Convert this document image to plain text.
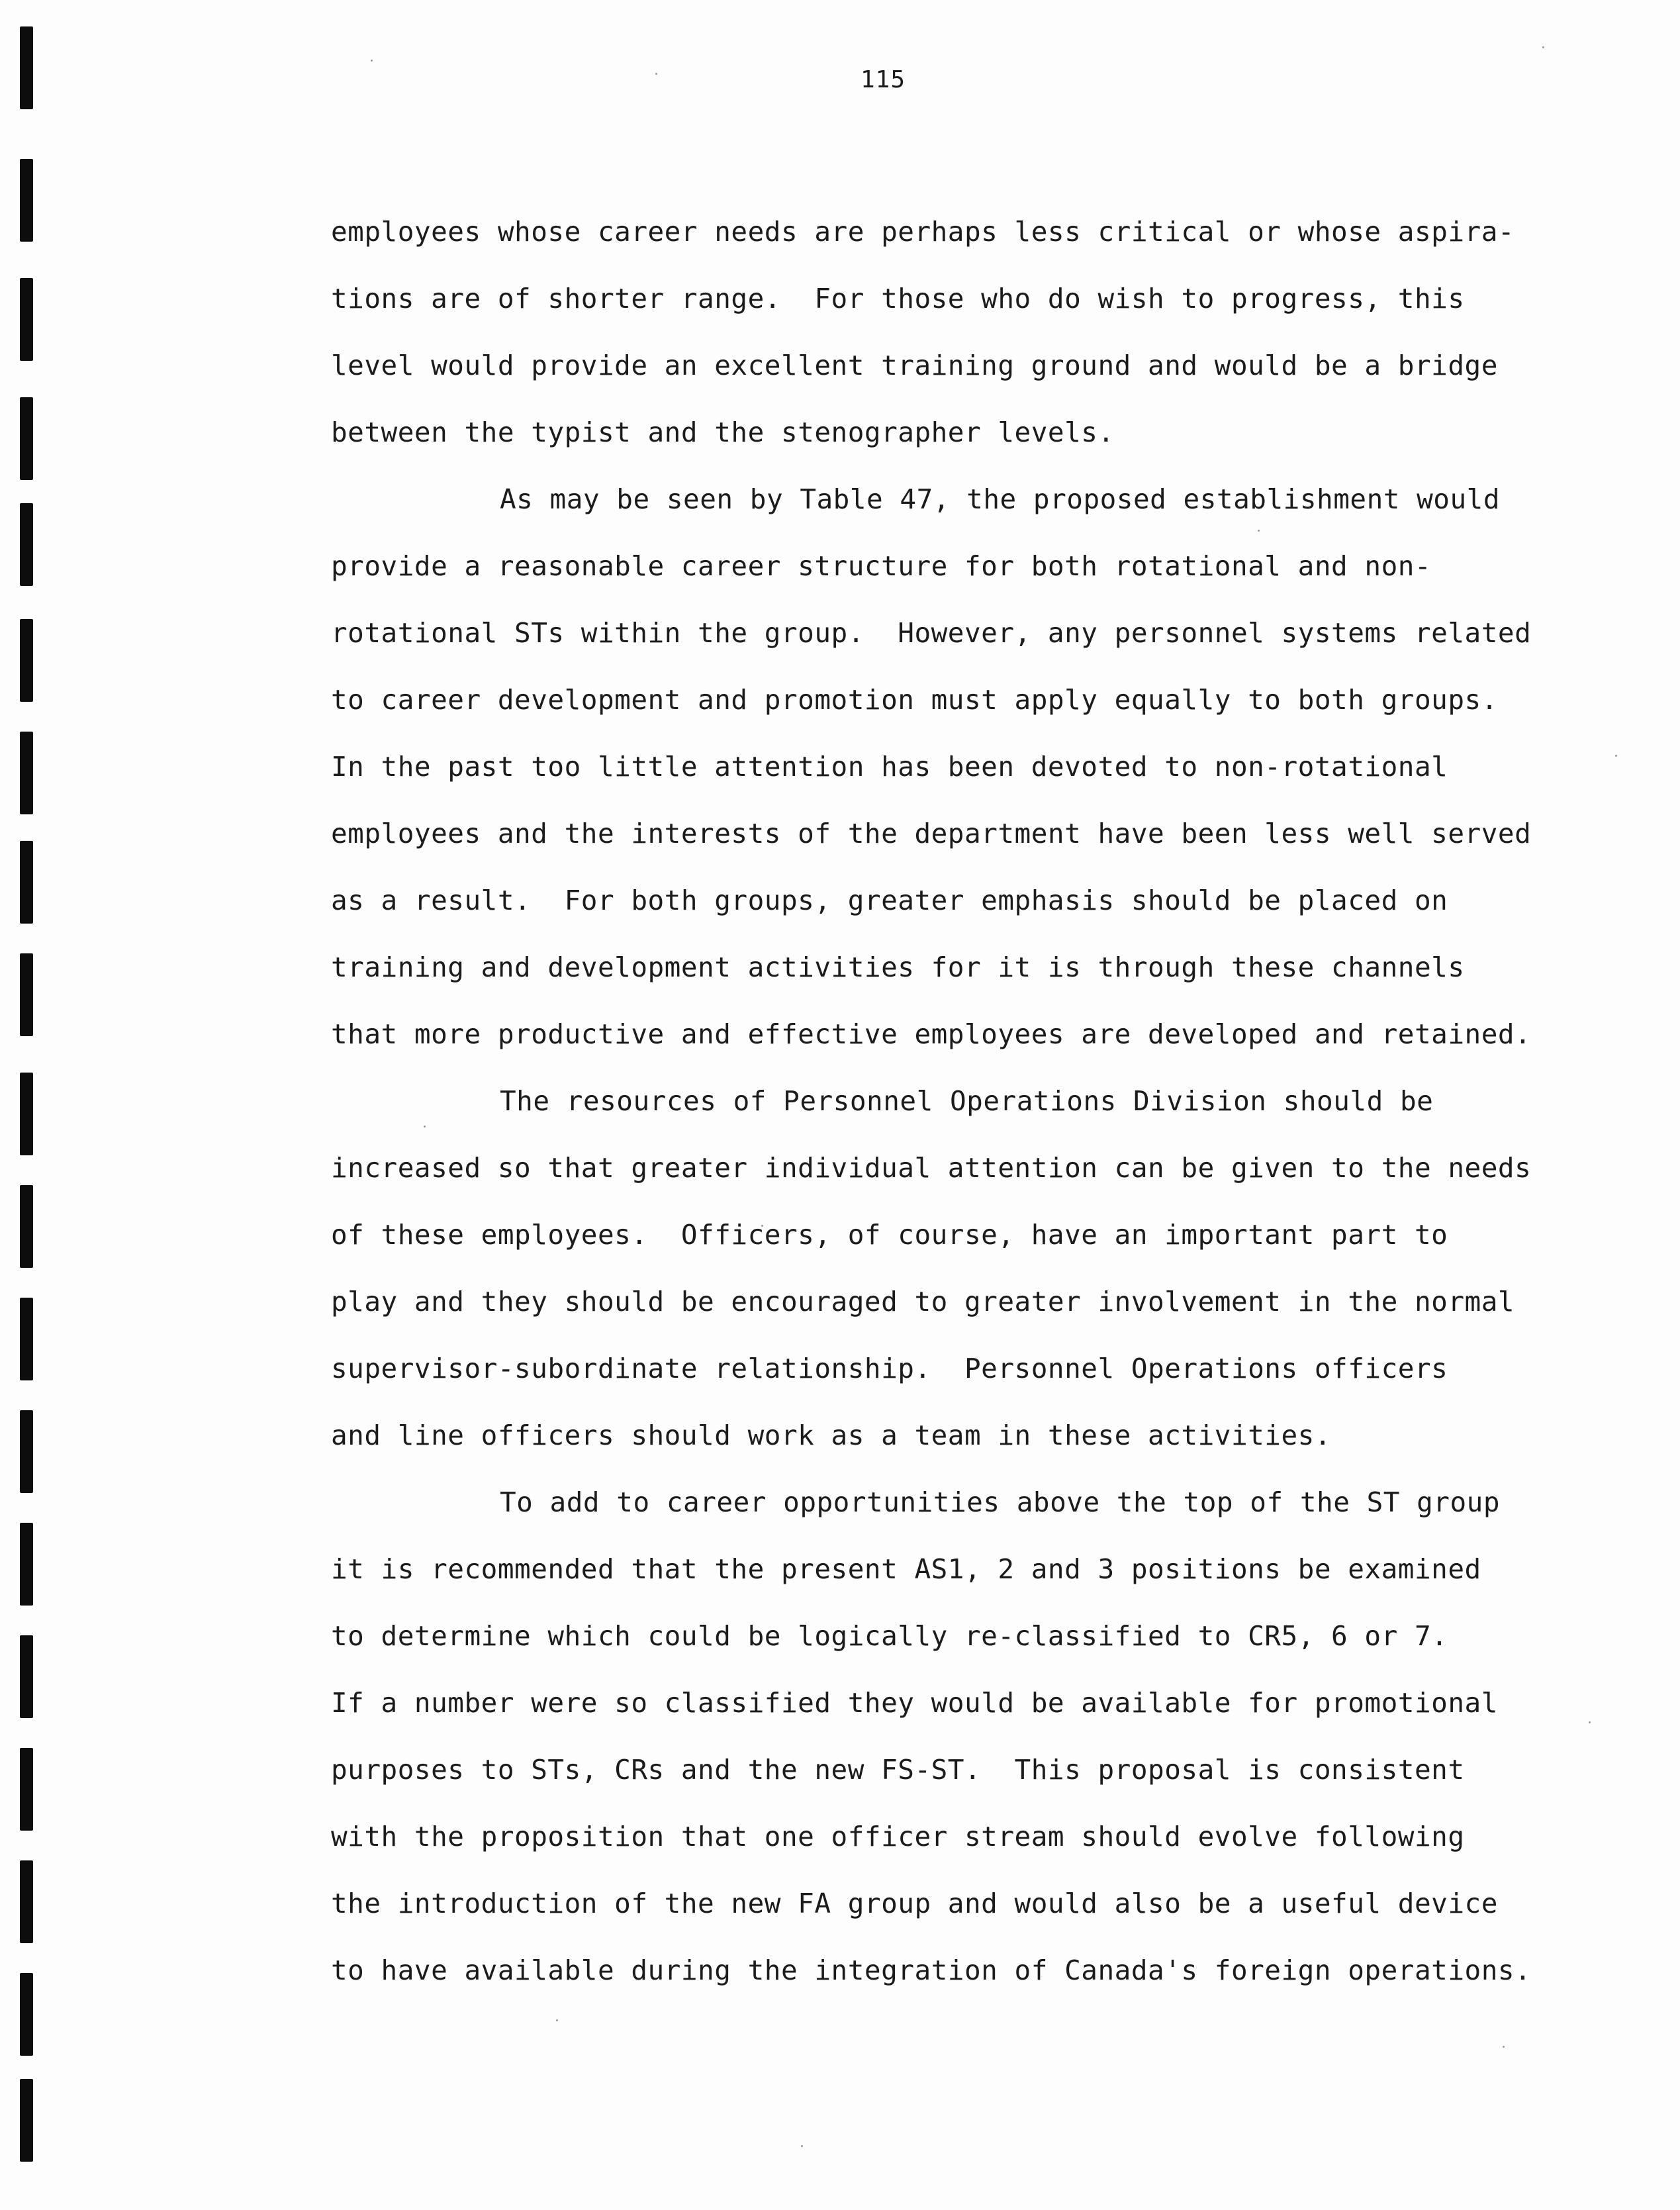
115
employees whose career needs are perhaps less critical or whose aspira-
tions are of shorter range.  For those who do wish to progress, this
level would provide an excellent training ground and would be a bridge
between the typist and the stenographer levels.
As may be seen by Table 47, the proposed establishment would
provide a reasonable career structure for both rotational and non-
rotational STs within the group.  However, any personnel systems related
to career development and promotion must apply equally to both groups.
In the past too little attention has been devoted to non-rotational
employees and the interests of the department have been less well served
as a result.  For both groups, greater emphasis should be placed on
training and development activities for it is through these channels
that more productive and effective employees are developed and retained.
The resources of Personnel Operations Division should be
increased so that greater individual attention can be given to the needs
of these employees.  Officers, of course, have an important part to
play and they should be encouraged to greater involvement in the normal
supervisor-subordinate relationship.  Personnel Operations officers
and line officers should work as a team in these activities.
To add to career opportunities above the top of the ST group
it is recommended that the present AS1, 2 and 3 positions be examined
to determine which could be logically re-classified to CR5, 6 or 7.
If a number were so classified they would be available for promotional
purposes to STs, CRs and the new FS-ST.  This proposal is consistent
with the proposition that one officer stream should evolve following
the introduction of the new FA group and would also be a useful device
to have available during the integration of Canada's foreign operations.
